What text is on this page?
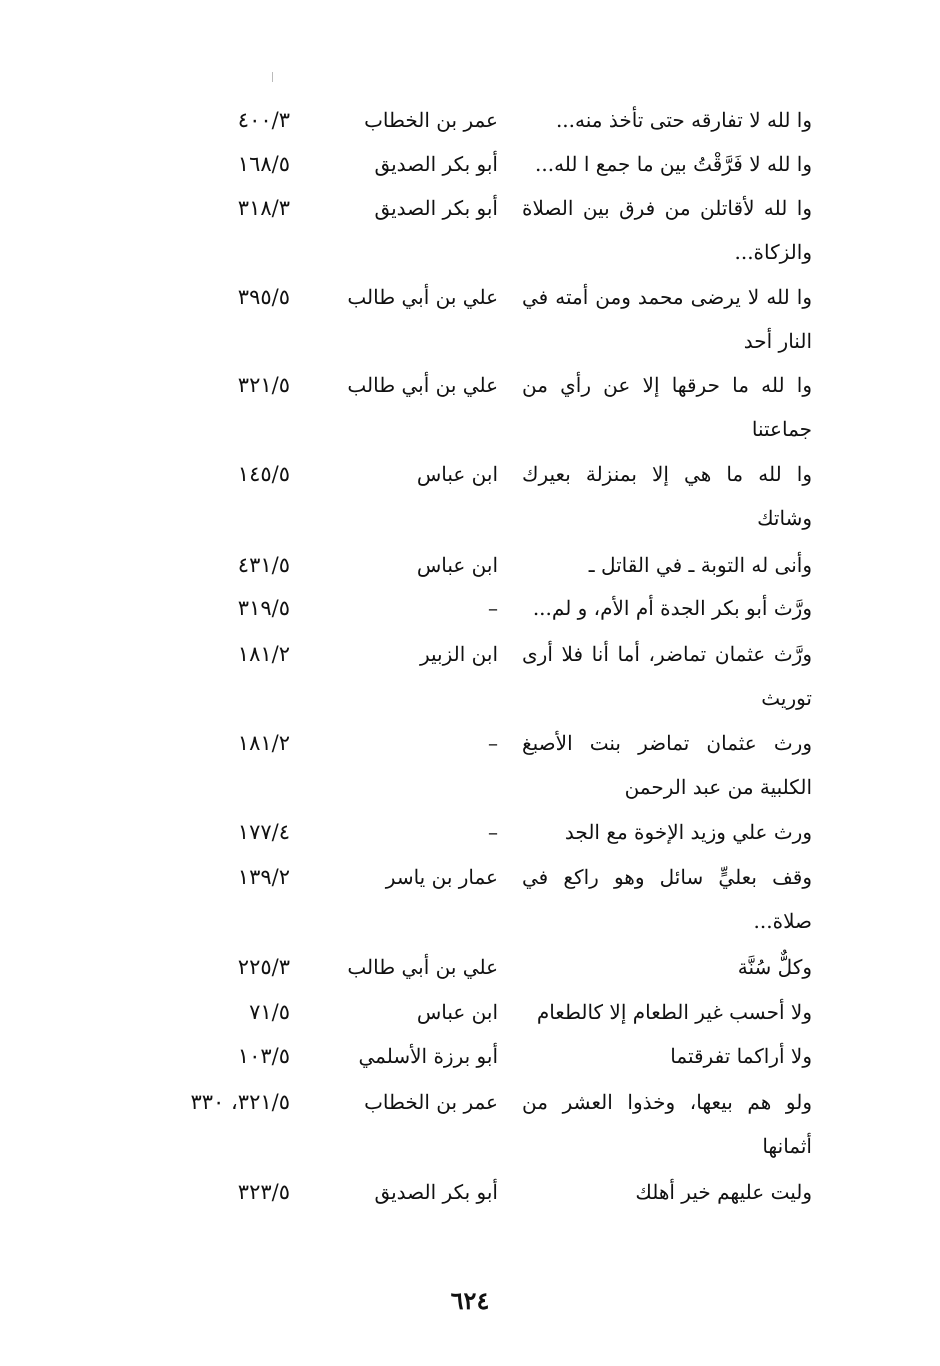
وا لله لا تفارقه حتى تأخذ منه...
عمر بن الخطاب
٤٠٠/٣
وا لله لا فَرَّقْتُ بين ما جمع ا لله...
أبو بكر الصديق
١٦٨/٥
وا لله لأقاتلن من فرق بين الصلاة والزكاة...
أبو بكر الصديق
٣١٨/٣
وا لله لا يرضى محمد ومن أمته في النار أحد
علي بن أبي طالب
٣٩٥/٥
وا لله ما حرقها إلا عن رأي من جماعتنا
علي بن أبي طالب
٣٢١/٥
وا لله ما هي إلا بمنزلة بعيرك وشاتك
ابن عباس
١٤٥/٥
وأنى له التوبة ـ في القاتل ـ
ابن عباس
٤٣١/٥
ورَّث أبو بكر الجدة أم الأم، و لم...
–
٣١٩/٥
ورَّث عثمان تماضر، أما أنا فلا أرى توريث
ابن الزبير
١٨١/٢
ورث عثمان تماضر بنت الأصبغ الكلبية من عبد الرحمن
–
١٨١/٢
ورث علي وزيد الإخوة مع الجد
–
١٧٧/٤
وقف بعليٍّ سائل وهو راكع في صلاة...
عمار بن ياسر
١٣٩/٢
وكلٌّ سُنَّة
علي بن أبي طالب
٢٢٥/٣
ولا أحسب غير الطعام إلا كالطعام
ابن عباس
٧١/٥
ولا أراكما تفرقتما
أبو برزة الأسلمي
١٠٣/٥
ولو هم بيعها، وخذوا العشر من أثمانها
عمر بن الخطاب
٣٢١/٥، ٣٣٠
وليت عليهم خير أهلك
أبو بكر الصديق
٣٢٣/٥
٦٢٤
